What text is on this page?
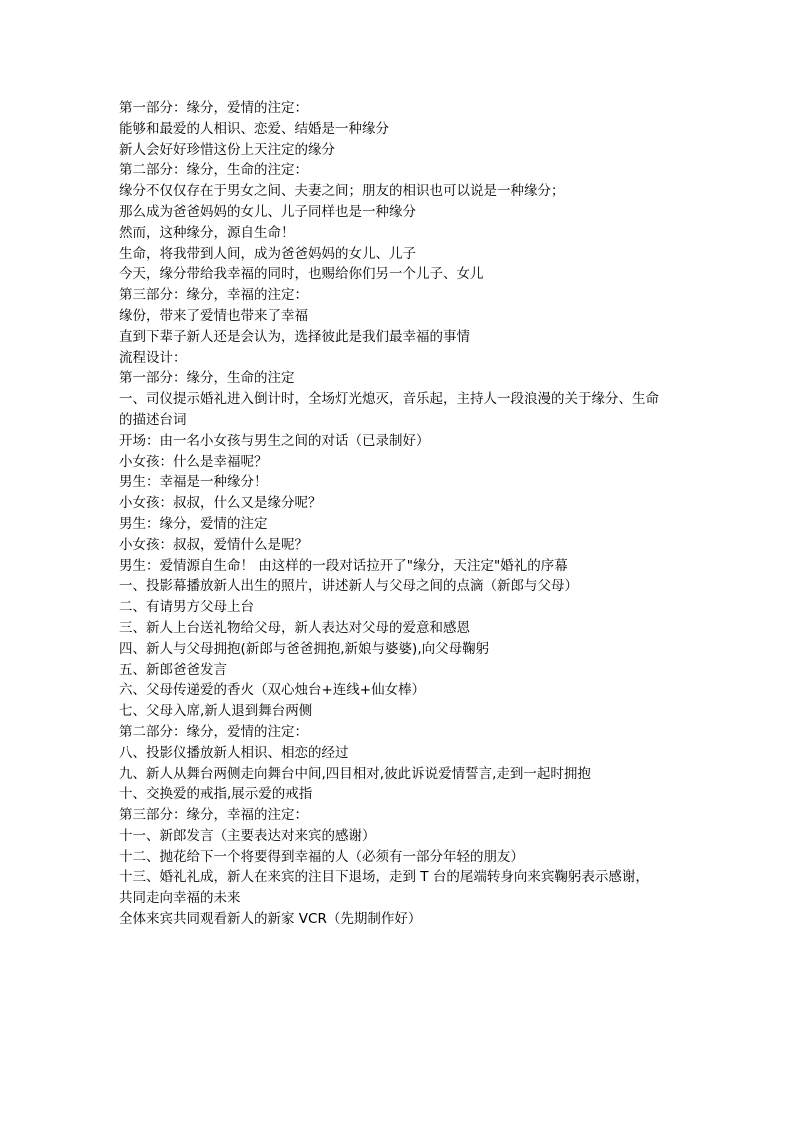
第一部分：缘分，爱情的注定：

能够和最爱的人相识、恋爱、结婚是一种缘分

新人会好好珍惜这份上天注定的缘分

第二部分：缘分，生命的注定：

缘分不仅仅存在于男女之间、夫妻之间；朋友的相识也可以说是一种缘分；

那么成为爸爸妈妈的女儿、儿子同样也是一种缘分

然而，这种缘分，源自生命！

生命，将我带到人间，成为爸爸妈妈的女儿、儿子

今天，缘分带给我幸福的同时，也赐给你们另一个儿子、女儿

第三部分：缘分，幸福的注定：

缘份，带来了爱情也带来了幸福

直到下辈子新人还是会认为，选择彼此是我们最幸福的事情

流程设计：

第一部分：缘分，生命的注定

一、司仪提示婚礼进入倒计时，全场灯光熄灭，音乐起，主持人一段浪漫的关于缘分、生命

的描述台词

开场：由一名小女孩与男生之间的对话（已录制好）

小女孩：什么是幸福呢？

男生：幸福是一种缘分！

小女孩：叔叔，什么又是缘分呢？

男生：缘分，爱情的注定

小女孩：叔叔，爱情什么是呢？

男生：爱情源自生命！ 由这样的一段对话拉开了"缘分，天注定"婚礼的序幕

一、投影幕播放新人出生的照片，讲述新人与父母之间的点滴（新郎与父母）

二、有请男方父母上台

三、新人上台送礼物给父母，新人表达对父母的爱意和感恩

四、新人与父母拥抱(新郎与爸爸拥抱,新娘与婆婆),向父母鞠躬

五、新郎爸爸发言

六、父母传递爱的香火（双心烛台+连线+仙女棒）

七、父母入席,新人退到舞台两侧

第二部分：缘分，爱情的注定：

八、投影仪播放新人相识、相恋的经过

九、新人从舞台两侧走向舞台中间,四目相对,彼此诉说爱情誓言,走到一起时拥抱

十、交换爱的戒指,展示爱的戒指

第三部分：缘分，幸福的注定：

十一、新郎发言（主要表达对来宾的感谢）

十二、抛花给下一个将要得到幸福的人（必须有一部分年轻的朋友）

十三、婚礼礼成，新人在来宾的注目下退场，走到 T 台的尾端转身向来宾鞠躬表示感谢，

共同走向幸福的未来

全体来宾共同观看新人的新家 VCR（先期制作好）
